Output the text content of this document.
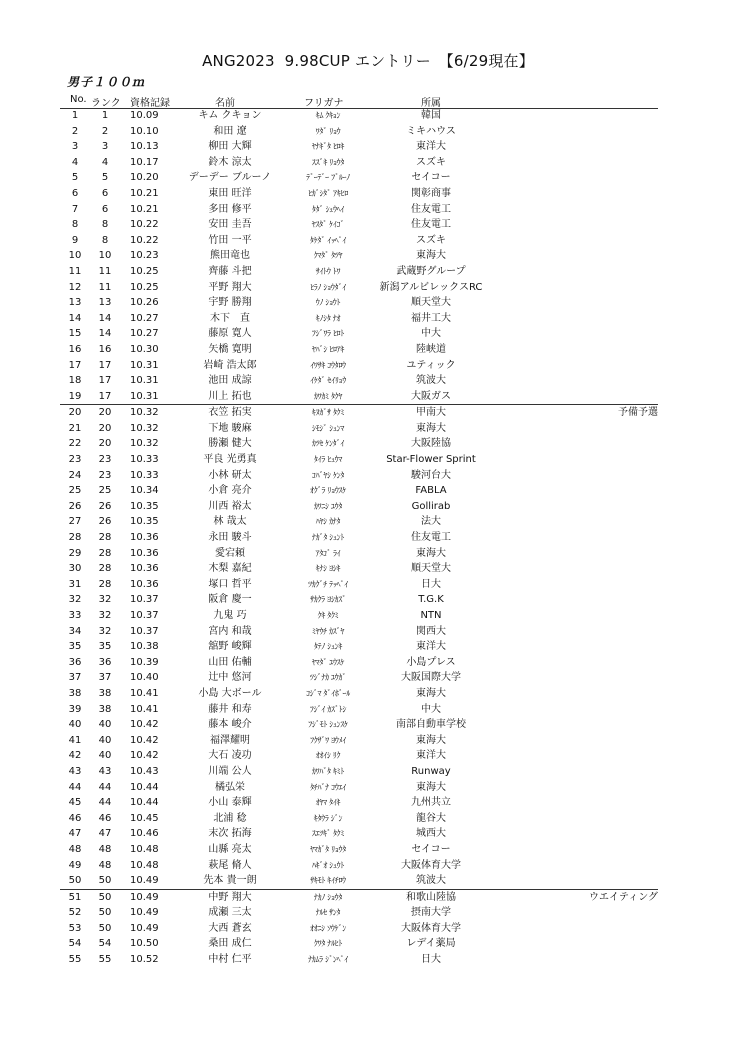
ANG2023  9.98CUP エントリー　【6/29現在】
男子１００ｍ
No. ランク 資格記録	名前	フリガナ	所属
1	1	10.09	キム クキョン	ｷﾑ ｸｷｮﾝ	韓国
2	2	10.10	和田 遼	ﾜﾀﾞ ﾘｮｳ	ミキハウス
3	3	10.13	柳田 大輝	ﾔﾅｷﾞﾀ ﾋﾛｷ	東洋大
4	4	10.17	鈴木 涼太	ｽｽﾞｷ ﾘｮｳﾀ	スズキ
5	5	10.20	デーデー ブルーノ	ﾃﾞｰﾃﾞｰ ﾌﾞﾙｰﾉ	セイコー
6	6	10.21	東田 旺洋	ﾋｶﾞｼﾀﾞ ｱｷﾋﾛ	関彰商事
7	6	10.21	多田 修平	ﾀﾀﾞ ｼｭｳﾍｲ	住友電工
8	8	10.22	安田 圭吾	ﾔｽﾀﾞ ｹｲｺﾞ	住友電工
9	8	10.22	竹田 一平	ﾀｹﾀﾞ ｲｯﾍﾟｲ	スズキ
10	10	10.23	熊田竜也	ｸﾏﾀﾞ ﾀﾂﾔ	東海大
11	11	10.25	齊藤 斗把	ｻｲﾄｳ ﾄﾜ	武蔵野グループ
12	11	10.25	平野 翔大	ﾋﾗﾉ ｼｮｳﾀﾞｲ	新潟アルビレックスRC
13	13	10.26	宇野 勝翔	ｳﾉ ｼｮｳﾄ	順天堂大
14	14	10.27	木下　直	ｷﾉｼﾀ ﾅｵ	福井工大
15	14	10.27	藤原 寛人	ﾌｼﾞﾜﾗ ﾋﾛﾄ	中大
16	16	10.30	矢橋 寛明	ﾔﾊﾞｼ ﾋﾛｱｷ	陸峡道
17	17	10.31	岩崎 浩太郎	ｲﾜｻｷ ｺｳﾀﾛｳ	ユティック
18	17	10.31	池田 成諒	ｲｹﾀﾞ ｾｲﾘｮｳ	筑波大
19	17	10.31	川上 拓也	ｶﾜｶﾐ ﾀｸﾔ	大阪ガス
20	20	10.32	衣笠 拓実	ｷﾇｶﾞｻ ﾀｸﾐ	甲南大	予備予選
21	20	10.32	下地 駿麻	ｼﾓｼﾞ ｼｭﾝﾏ	東海大
22	20	10.32	勝瀬 健大	ｶﾂｾ ｹﾝﾀﾞｲ	大阪陸協
23	23	10.33	平良 光勇真	ﾀｲﾗ ﾋｭｳﾏ	Star-Flower Sprint
24	23	10.33	小林 研太	ｺﾊﾞﾔｼ ｹﾝﾀ	駿河台大
25	25	10.34	小倉 亮介	ｵｸﾞﾗ ﾘｮｳｽｹ	FABLA
26	26	10.35	川西 裕太	ｶﾜﾆｼ ﾕｳﾀ	Gollirab
27	26	10.35	林 哉太	ﾊﾔｼ ｶﾅﾀ	法大
28	28	10.36	永田 駿斗	ﾅｶﾞﾀ ｼｭﾝﾄ	住友電工
29	28	10.36	愛宕頼	ｱﾀｺﾞ ﾗｲ	東海大
30	28	10.36	木梨 嘉紀	ｷﾅｼ ﾖｼｷ	順天堂大
31	28	10.36	塚口 哲平	ﾂｶｸﾞﾁ ﾃｯﾍﾟｲ	日大
32	32	10.37	阪倉 慶一	ｻｶｸﾗ ﾖｼｶｽﾞ	T.G.K
33	32	10.37	九鬼 巧	ｸｷ ﾀｸﾐ	NTN
34	32	10.37	宮内 和哉	ﾐﾔｳﾁ ｶｽﾞﾔ	関西大
35	35	10.38	舘野 峻輝	ﾀﾃﾉ ｼｭﾝｷ	東洋大
36	36	10.39	山田 佑輔	ﾔﾏﾀﾞ ﾕｳｽｹ	小島プレス
37	37	10.40	辻中 悠河	ﾂｼﾞﾅｶ ﾕｳｶﾞ	大阪国際大学
38	38	10.41	小島 大ボール	ｺｼﾞﾏ ﾀﾞｲﾎﾞｰﾙ	東海大
39	38	10.41	藤井 和寿	ﾌｼﾞｲ ｶｽﾞﾄｼ	中大
40	40	10.42	藤本 峻介	ﾌｼﾞﾓﾄ ｼｭﾝｽｹ	南部自動車学校
41	40	10.42	福澤耀明	ﾌｸｻﾞﾜ ﾖｳﾒｲ	東海大
42	40	10.42	大石 凌功	ｵｵｲｼ ﾘｸ	東洋大
43	43	10.43	川端 公人	ｶﾜﾊﾞﾀ ｷﾐﾄ	Runway
44	44	10.44	橘弘栄	ﾀﾁﾊﾞﾅ ｺｳｴｲ	東海大
45	44	10.44	小山 泰輝	ｵﾔﾏ ﾀｲｷ	九州共立
46	46	10.45	北浦 稔	ｷﾀｳﾗ ｼﾞﾝ	龍谷大
47	47	10.46	末次 拓海	ｽｴﾂｷﾞ ﾀｸﾐ	城西大
48	48	10.48	山縣 亮太	ﾔﾏｶﾞﾀ ﾘｮｳﾀ	セイコー
49	48	10.48	萩尾 脩人	ﾊｷﾞｵ ｼｭｳﾄ	大阪体育大学
50	50	10.49	先本 貴一朗	ｻｷﾓﾄ ｷｲﾁﾛｳ	筑波大
51	50	10.49	中野 翔大	ﾅｶﾉ ｼｮｳﾀ	和歌山陸協	ウエイティング
52	50	10.49	成瀬 三太	ﾅﾙｾ ｻﾝﾀ	摂南大学
53	50	10.49	大西 蒼玄	ｵｵﾆｼ ｿｳｹﾞﾝ	大阪体育大学
54	54	10.50	桑田 成仁	ｸﾜﾀ ﾅﾙﾋﾄ	レデイ薬局
55	55	10.52	中村 仁平	ﾅｶﾑﾗ ｼﾞﾝﾍﾟｲ	日大
